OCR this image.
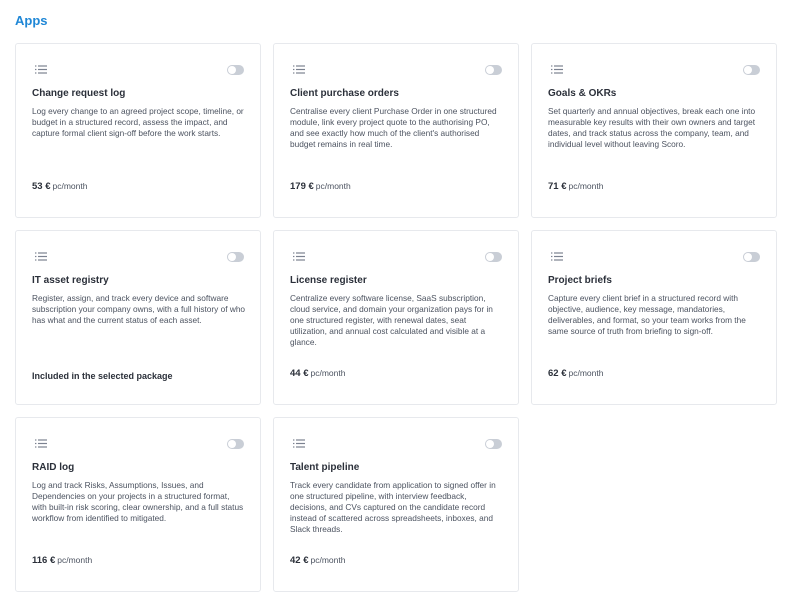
Apps
Change request log
Log every change to an agreed project scope, timeline, or budget in a structured record, assess the impact, and capture formal client sign-off before the work starts.
53 € pc/month
Client purchase orders
Centralise every client Purchase Order in one structured module, link every project quote to the authorising PO, and see exactly how much of the client's authorised budget remains in real time.
179 € pc/month
Goals & OKRs
Set quarterly and annual objectives, break each one into measurable key results with their own owners and target dates, and track status across the company, team, and individual level without leaving Scoro.
71 € pc/month
IT asset registry
Register, assign, and track every device and software subscription your company owns, with a full history of who has what and the current status of each asset.
Included in the selected package
License register
Centralize every software license, SaaS subscription, cloud service, and domain your organization pays for in one structured register, with renewal dates, seat utilization, and annual cost calculated and visible at a glance.
44 € pc/month
Project briefs
Capture every client brief in a structured record with objective, audience, key message, mandatories, deliverables, and format, so your team works from the same source of truth from briefing to sign-off.
62 € pc/month
RAID log
Log and track Risks, Assumptions, Issues, and Dependencies on your projects in a structured format, with built-in risk scoring, clear ownership, and a full status workflow from identified to mitigated.
116 € pc/month
Talent pipeline
Track every candidate from application to signed offer in one structured pipeline, with interview feedback, decisions, and CVs captured on the candidate record instead of scattered across spreadsheets, inboxes, and Slack threads.
42 € pc/month
